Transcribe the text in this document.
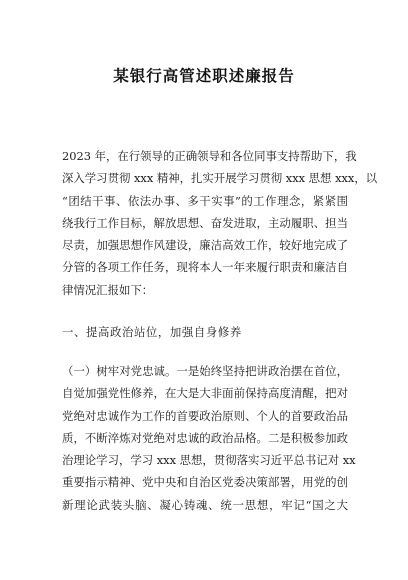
某银行高管述职述廉报告
2023 年，在行领导的正确领导和各位同事支持帮助下，我
深入学习贯彻 xxx 精神，扎实开展学习贯彻 xxx 思想 xxx，以
“团结干事、依法办事、多干实事”的工作理念，紧紧围
绕我行工作目标，解放思想、奋发进取，主动履职、担当
尽责，加强思想作风建设，廉洁高效工作，较好地完成了
分管的各项工作任务，现将本人一年来履行职责和廉洁自
律情况汇报如下：
一、提高政治站位，加强自身修养
（一）树牢对党忠诚。一是始终坚持把讲政治摆在首位，
自觉加强党性修养，在大是大非面前保持高度清醒，把对
党绝对忠诚作为工作的首要政治原则、个人的首要政治品
质，不断淬炼对党绝对忠诚的政治品格。二是积极参加政
治理论学习，学习 xxx 思想，贯彻落实习近平总书记对 xx
重要指示精神、党中央和自治区党委决策部署，用党的创
新理论武装头脑、凝心铸魂、统一思想，牢记“国之大
